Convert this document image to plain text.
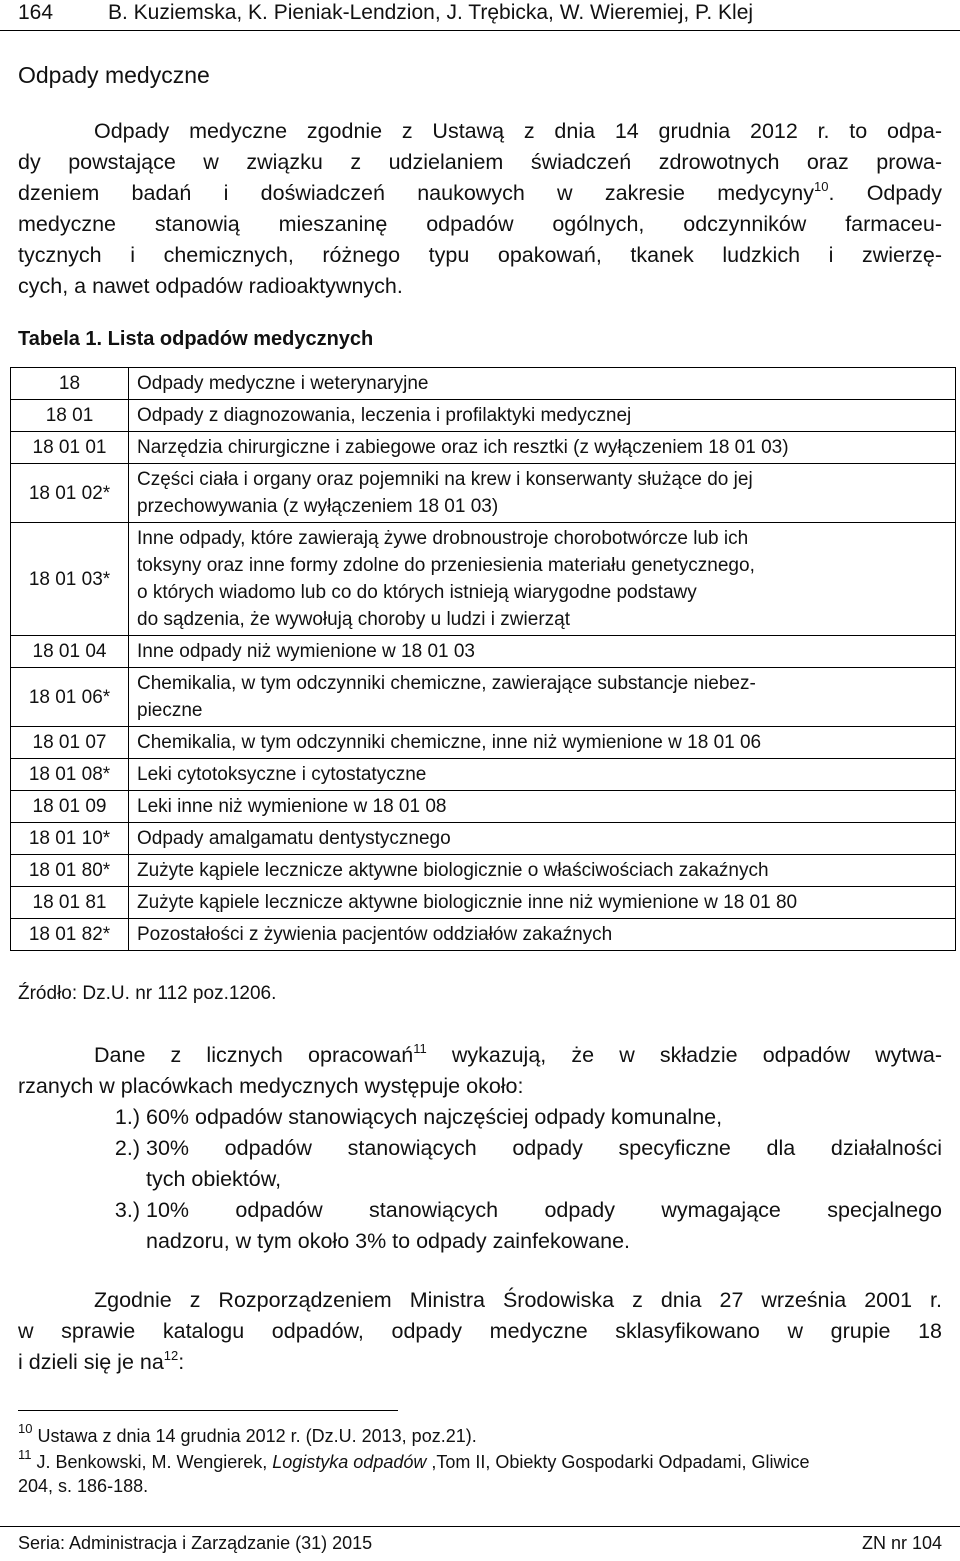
164	B. Kuziemska, K. Pieniak-Lendzion, J. Trębicka, W. Wieremiej, P. Klej
Odpady medyczne
Odpady medyczne zgodnie z Ustawą z dnia 14 grudnia 2012 r. to odpa-
dy powstające w związku z udzielaniem świadczeń zdrowotnych oraz prowa-
dzeniem badań i doświadczeń naukowych w zakresie medycyny$^{10}$. Odpady
medyczne stanowią mieszaninę odpadów ogólnych, odczynników farmaceu-
tycznych i chemicznych, różnego typu opakowań, tkanek ludzkich i zwierzę-
cych, a nawet odpadów radioaktywnych.
Tabela 1. Lista odpadów medycznych
18	Odpady medyczne i weterynaryjne
18 01	Odpady z diagnozowania, leczenia i profilaktyki medycznej
18 01 01	Narzędzia chirurgiczne i zabiegowe oraz ich resztki (z wyłączeniem 18 01 03)
18 01 02*	Części ciała i organy oraz pojemniki na krew i konserwanty służące do jej
przechowywania (z wyłączeniem 18 01 03)

18 01 03*	Inne odpady, które zawierają żywe drobnoustroje chorobotwórcze lub ich
toksyny oraz inne formy zdolne do przeniesienia materiału genetycznego,
o których wiadomo lub co do których istnieją wiarygodne podstawy
do sądzenia, że wywołują choroby u ludzi i zwierząt

18 01 04	Inne odpady niż wymienione w 18 01 03
18 01 06*	Chemikalia, w tym odczynniki chemiczne, zawierające substancje niebez-
pieczne

18 01 07	Chemikalia, w tym odczynniki chemiczne, inne niż wymienione w 18 01 06
18 01 08*	Leki cytotoksyczne i cytostatyczne
18 01 09	Leki inne niż wymienione w 18 01 08
18 01 10*	Odpady amalgamatu dentystycznego
18 01 80*	Zużyte kąpiele lecznicze aktywne biologicznie o właściwościach zakaźnych
18 01 81	Zużyte kąpiele lecznicze aktywne biologicznie inne niż wymienione w 18 01 80
18 01 82*	Pozostałości z żywienia pacjentów oddziałów zakaźnych
Źródło: Dz.U. nr 112 poz.1206.
Dane z licznych opracowań$^{11}$ wykazują, że w składzie odpadów wytwa-
rzanych w placówkach medycznych występuje około:
1.) 60% odpadów stanowiących najczęściej odpady komunalne,
2.) 30% odpadów stanowiących odpady specyficzne dla działalności
tych obiektów,
3.) 10% odpadów stanowiących odpady wymagające specjalnego
nadzoru, w tym około 3% to odpady zainfekowane.
Zgodnie z Rozporządzeniem Ministra Środowiska z dnia 27 września 2001 r.
w sprawie katalogu odpadów, odpady medyczne sklasyfikowano w grupie 18
i dzieli się je $na^{12}$:
$^{10}$ Ustawa z dnia 14 grudnia 2012 r. (Dz.U. 2013, poz.21).
$^{11}$ J. Benkowski, M. Wengierek, Logistyka odpadów ,Tom II, Obiekty Gospodarki Odpadami, Gliwice
204, s. 186-188.
Seria: Administracja i Zarządzanie (31) 2015	ZN nr 104
